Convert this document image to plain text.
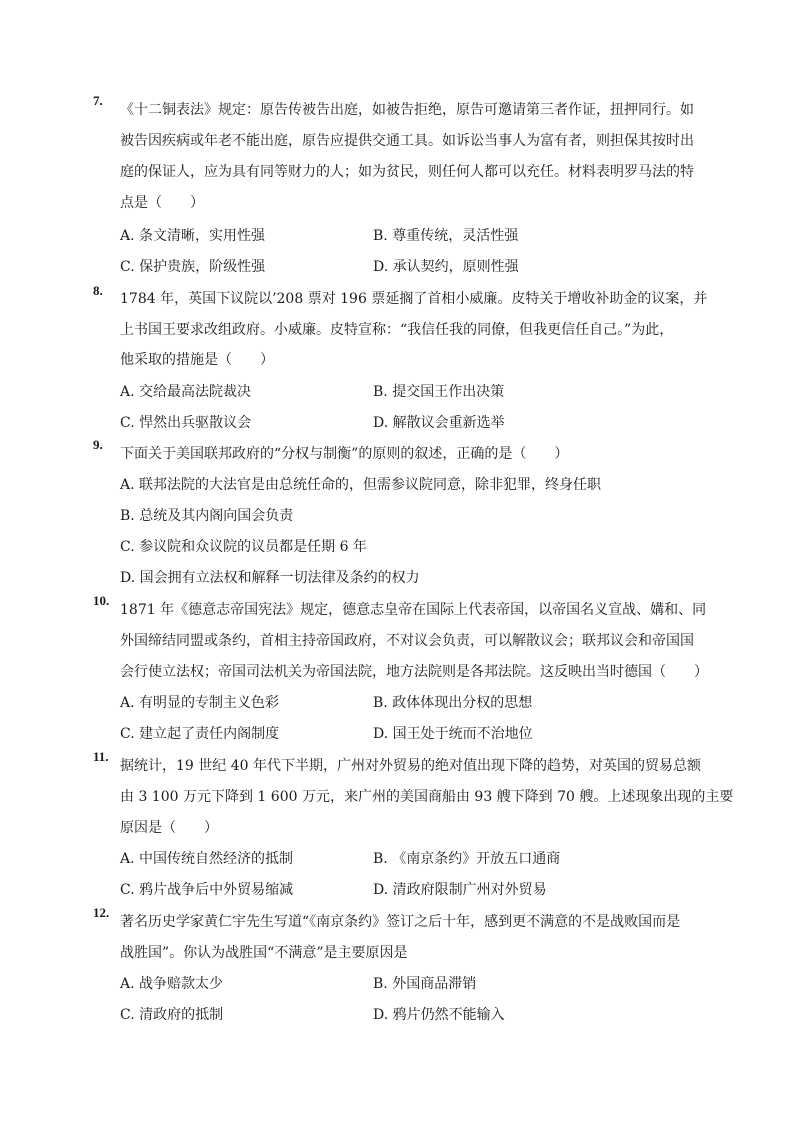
7.
《十二铜表法》规定：原告传被告出庭，如被告拒绝，原告可邀请第三者作证，扭押同行。如
被告因疾病或年老不能出庭，原告应提供交通工具。如诉讼当事人为富有者，则担保其按时出
庭的保证人，应为具有同等财力的人；如为贫民，则任何人都可以充任。材料表明罗马法的特
点是（　　）
A. 条文清晰，实用性强	B. 尊重传统，灵活性强
C. 保护贵族，阶级性强	D. 承认契约，原则性强
8.
1784 年，英国下议院以’208 票对 196 票延搁了首相小威廉。皮特关于增收补助金的议案，并
上书国王要求改组政府。小威廉。皮特宣称：“我信任我的同僚，但我更信任自己。”为此，
他采取的措施是（　　）
A. 交给最高法院裁决	B. 提交国王作出决策
C. 悍然出兵驱散议会	D. 解散议会重新选举
9.
下面关于美国联邦政府的“分权与制衡”的原则的叙述，正确的是（　　）
A. 联邦法院的大法官是由总统任命的，但需参议院同意，除非犯罪，终身任职
B. 总统及其内阁向国会负责
C. 参议院和众议院的议员都是任期 6 年
D. 国会拥有立法权和解释一切法律及条约的权力
10.
1871 年《德意志帝国宪法》规定，德意志皇帝在国际上代表帝国，以帝国名义宣战、媾和、同
外国缔结同盟或条约，首相主持帝国政府，不对议会负责，可以解散议会；联邦议会和帝国国
会行使立法权；帝国司法机关为帝国法院，地方法院则是各邦法院。这反映出当时德国（　　）
A. 有明显的专制主义色彩	B. 政体体现出分权的思想
C. 建立起了责任内阁制度	D. 国王处于统而不治地位
11.
据统计，19 世纪 40 年代下半期，广州对外贸易的绝对值出现下降的趋势，对英国的贸易总额
由 3 100 万元下降到 1 600 万元，来广州的美国商船由 93 艘下降到 70 艘。上述现象出现的主要
原因是（　　）
A. 中国传统自然经济的抵制	B. 《南京条约》开放五口通商
C. 鸦片战争后中外贸易缩减	D. 清政府限制广州对外贸易
12.
著名历史学家黄仁宇先生写道“《南京条约》签订之后十年，感到更不满意的不是战败国而是
战胜国”。你认为战胜国“不满意”是主要原因是
A. 战争赔款太少	B. 外国商品滞销
C. 清政府的抵制	D. 鸦片仍然不能输入
